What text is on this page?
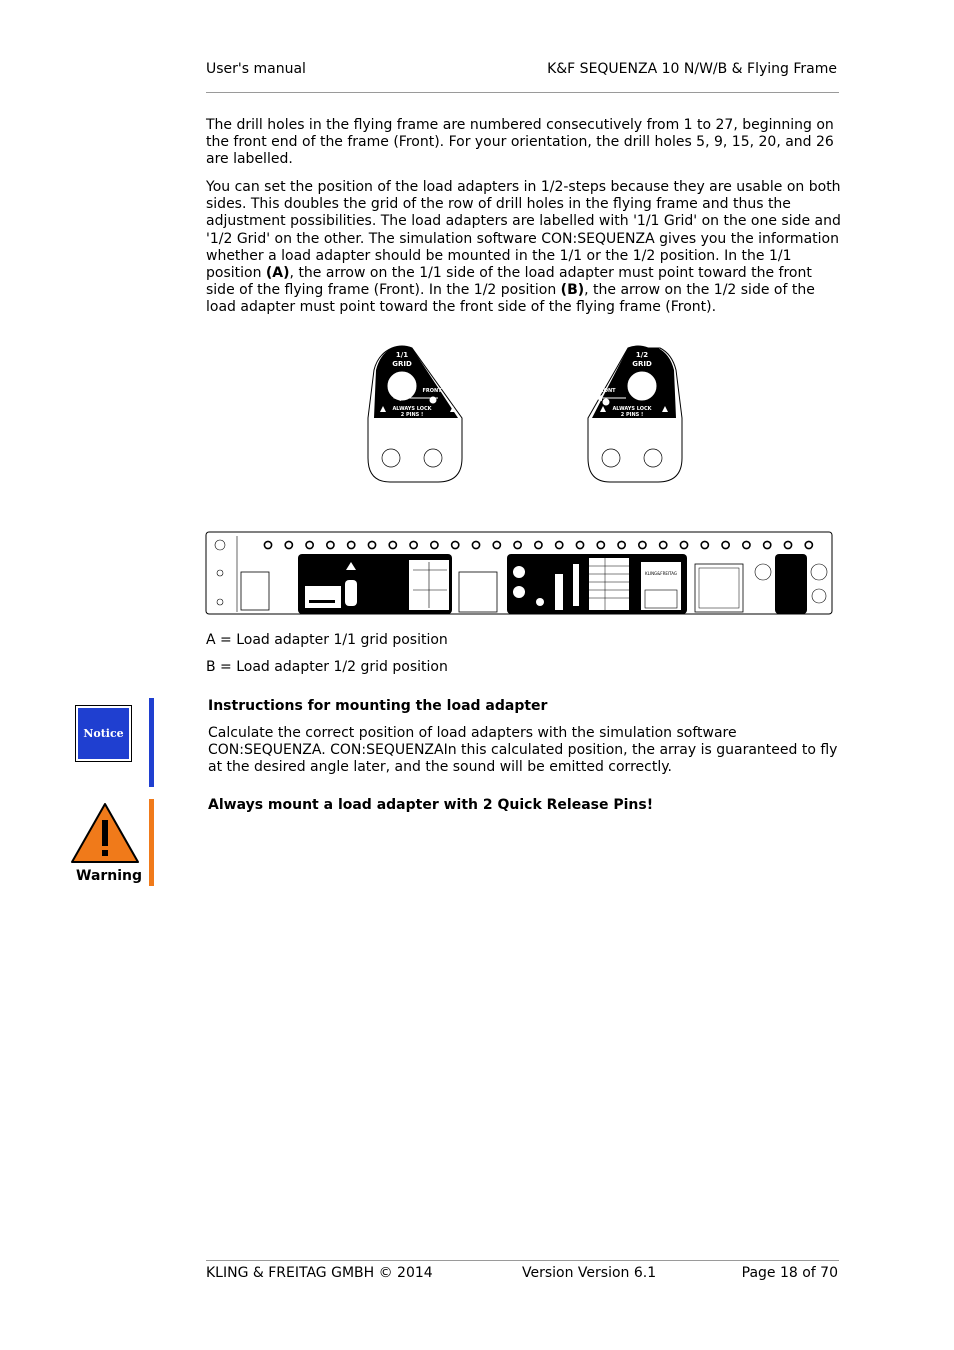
User's manual	K&F SEQUENZA 10 N/W/B & Flying Frame
The drill holes in the flying frame are numbered consecutively from 1 to 27, beginning on the front end of the frame (Front). For your orientation, the drill holes 5, 9, 15, 20, and 26 are labelled.
You can set the position of the load adapters in 1/2-steps because they are usable on both sides. This doubles the grid of the row of drill holes in the flying frame and thus the adjustment possibilities. The load adapters are labelled with '1/1 Grid' on the one side and '1/2 Grid' on the other. The simulation software CON:SEQUENZA gives you the information whether a load adapter should be mounted in the 1/1 or the 1/2 position. In the 1/1 position (A), the arrow on the 1/1 side of the load adapter must point toward the front side of the flying frame (Front). In the 1/2 position (B), the arrow on the 1/2 side of the load adapter must point toward the front side of the flying frame (Front).
1/1
GRID
FRONT
ALWAYS LOCK
2 PINS !
1/2
GRID
FRONT
ALWAYS LOCK
2 PINS !
KLING&FREITAG
A = Load adapter 1/1 grid position
B = Load adapter 1/2 grid position
Notice
Instructions for mounting the load adapter
Calculate the correct position of load adapters with the simulation software CON:SEQUENZA. CON:SEQUENZAIn this calculated position, the array is guaranteed to fly at the desired angle later, and the sound will be emitted correctly.
Warning
Always mount a load adapter with 2 Quick Release Pins!
KLING & FREITAG GMBH © 2014	Version Version 6.1	Page 18 of 70
